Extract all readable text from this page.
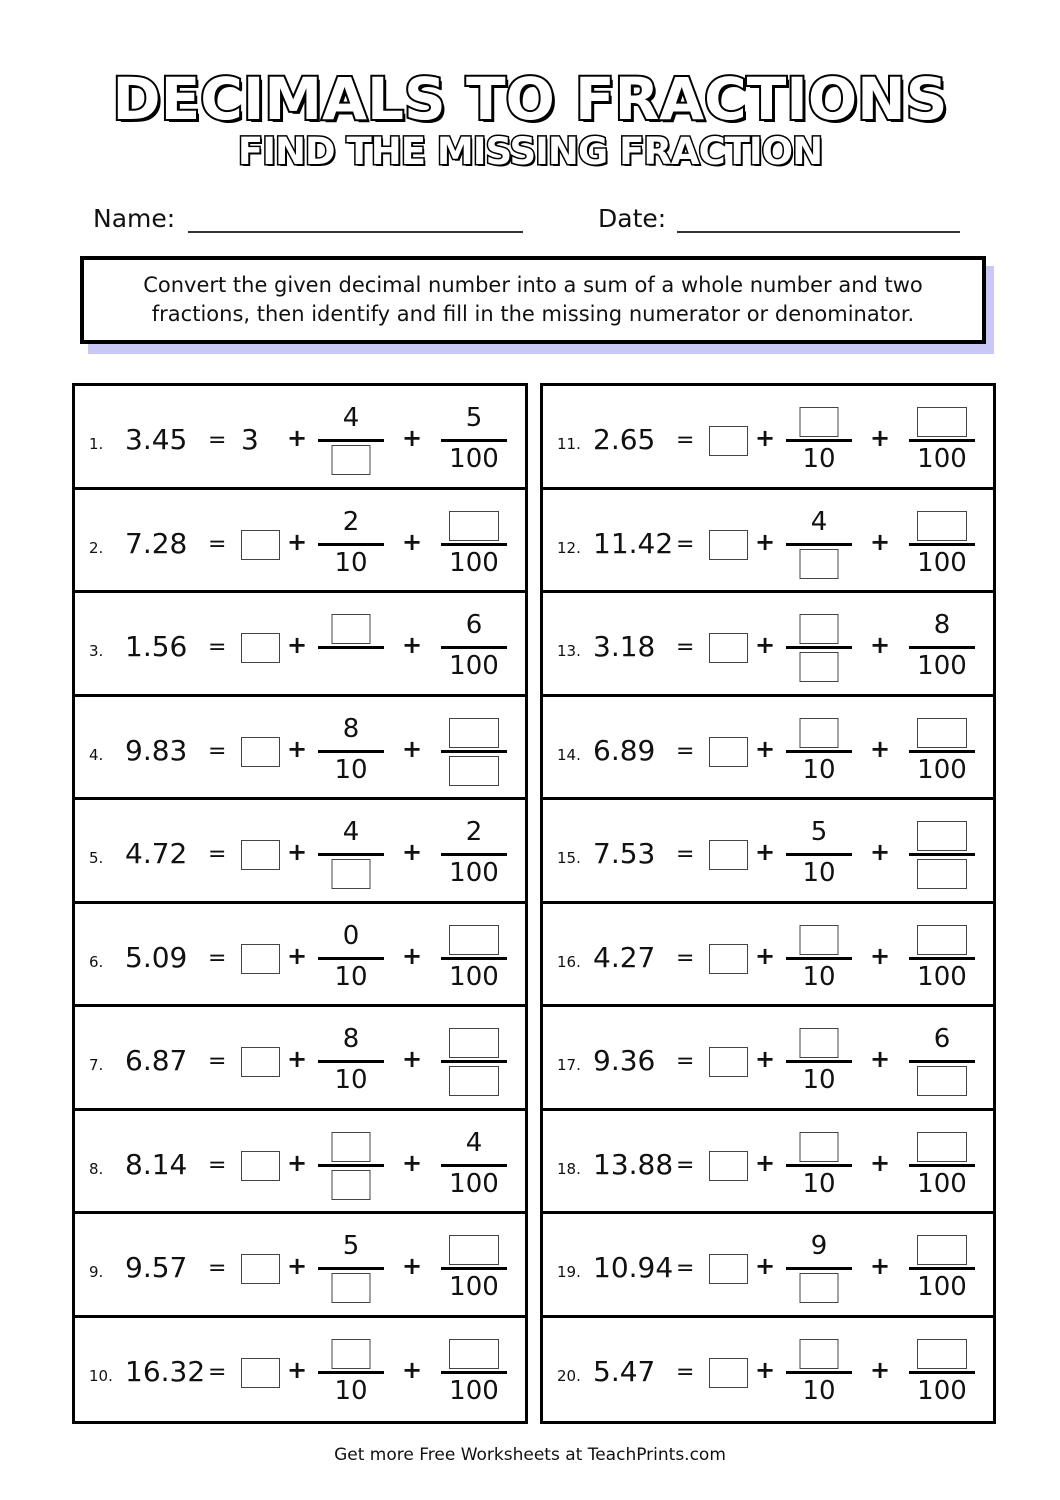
DECIMALS TO FRACTIONS
FIND THE MISSING FRACTION
Name:	Date:
Convert the given decimal number into a sum of a whole number and two fractions, then identify and fill in the missing numerator or denominator.
1. 3.45 = 3 +
4
+
5
100
2. 7.28 =	+
2
10
+
100
3. 1.56 =	+	+
6
100
4. 9.83 =	+
8
10
+
5. 4.72 =	+
4
+
2
100
6. 5.09 =	+
0
10
+
100
7. 6.87 =	+
8
10
+
8. 8.14 =	+	+
4
100
9. 9.57 =	+
5
+
100
10. 16.32 =	+
10
+
100
11. 2.65 =	+
10
+
100
12. 11.42 =	+
4
+
100
13. 3.18 =	+	+
8
100
14. 6.89 =	+
10
+
100
15. 7.53 =	+
5
10
+
16. 4.27 =	+
10
+
100
17. 9.36 =	+
10
+
6
18. 13.88 =	+
10
+
100
19. 10.94 =	+
9
+
100
20. 5.47 =	+
10
+
100
Get more Free Worksheets at TeachPrints.com
